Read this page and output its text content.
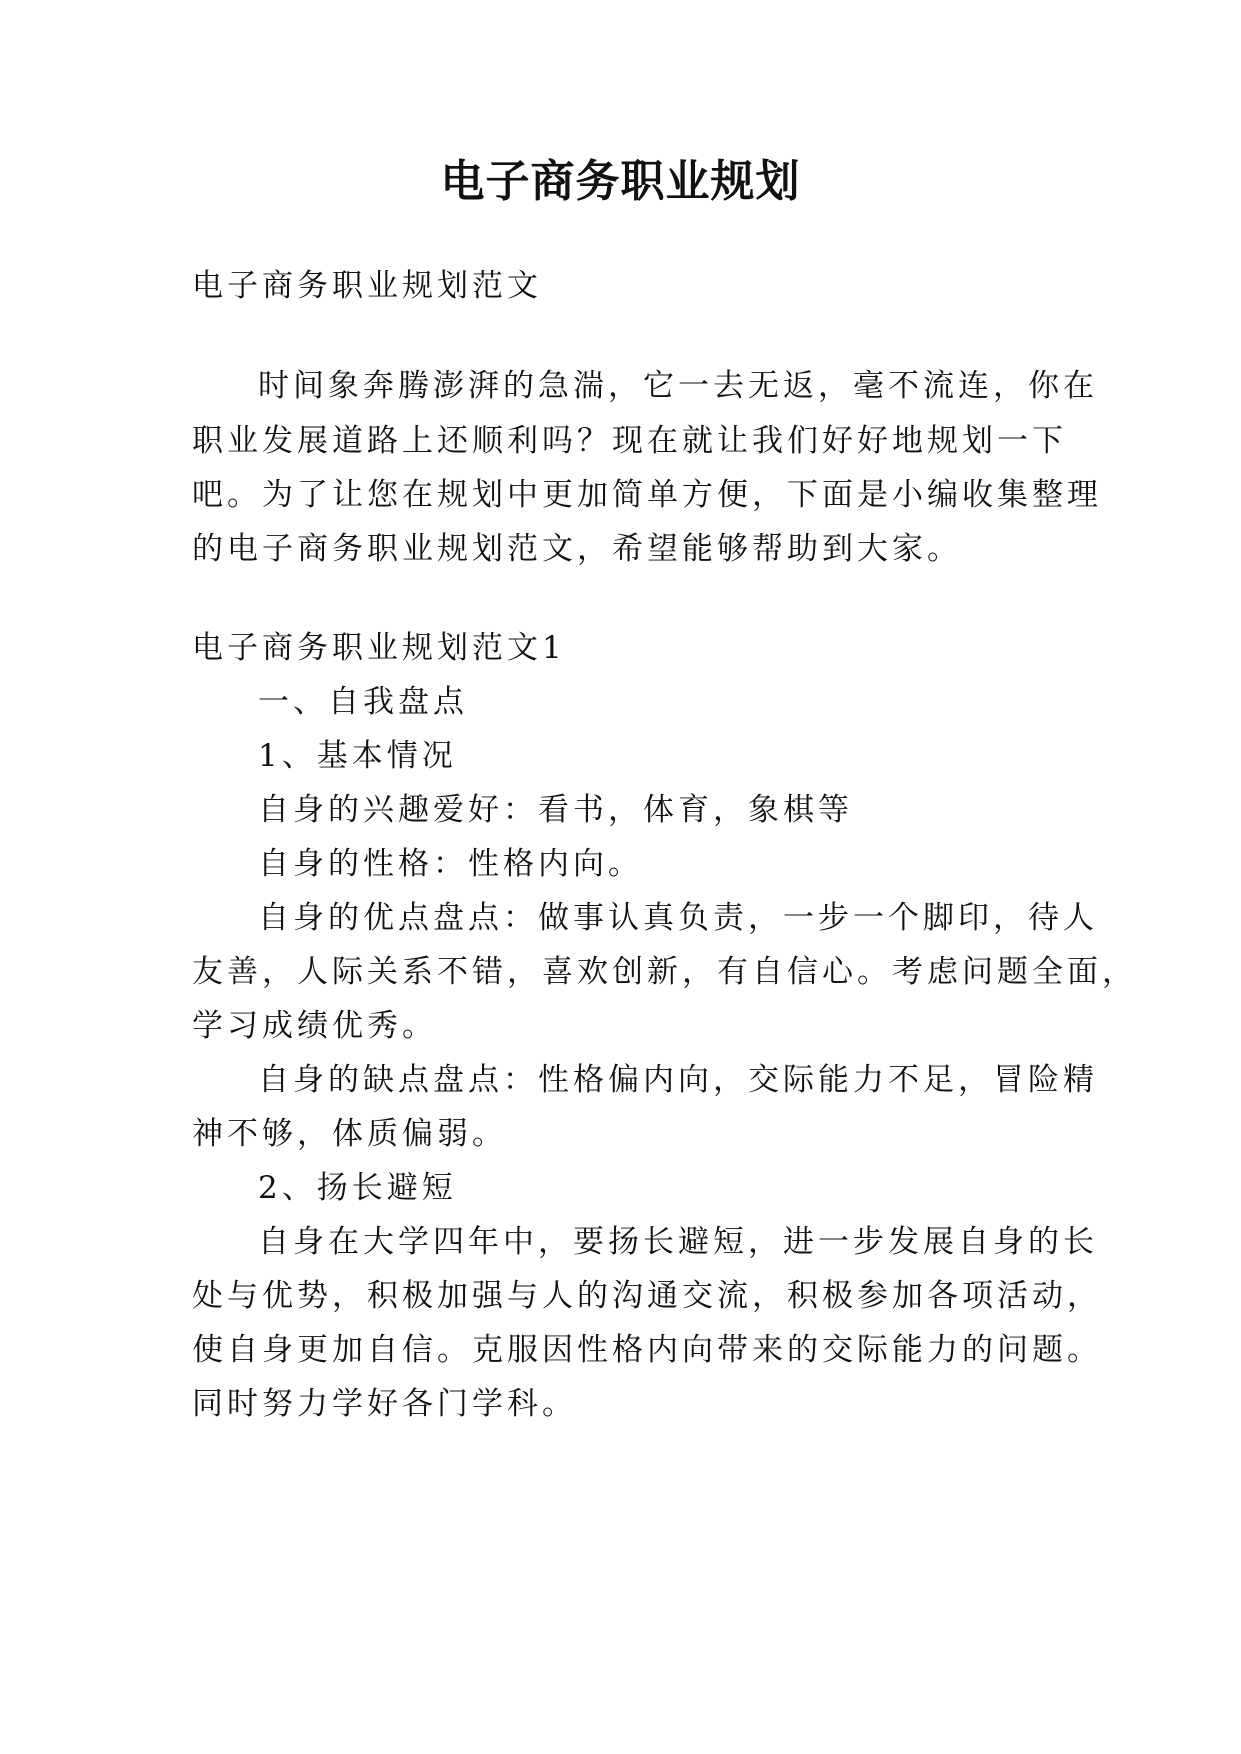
电子商务职业规划
电子商务职业规划范文
时间象奔腾澎湃的急湍，它一去无返，毫不流连，你在
职业发展道路上还顺利吗？现在就让我们好好地规划一下
吧。为了让您在规划中更加简单方便，下面是小编收集整理
的电子商务职业规划范文，希望能够帮助到大家。
电子商务职业规划范文1
一、自我盘点
1、基本情况
自身的兴趣爱好：看书，体育，象棋等
自身的性格：性格内向。
自身的优点盘点：做事认真负责，一步一个脚印，待人
友善，人际关系不错，喜欢创新，有自信心。考虑问题全面，
学习成绩优秀。
自身的缺点盘点：性格偏内向，交际能力不足，冒险精
神不够，体质偏弱。
2、扬长避短
自身在大学四年中，要扬长避短，进一步发展自身的长
处与优势，积极加强与人的沟通交流，积极参加各项活动，
使自身更加自信。克服因性格内向带来的交际能力的问题。
同时努力学好各门学科。
